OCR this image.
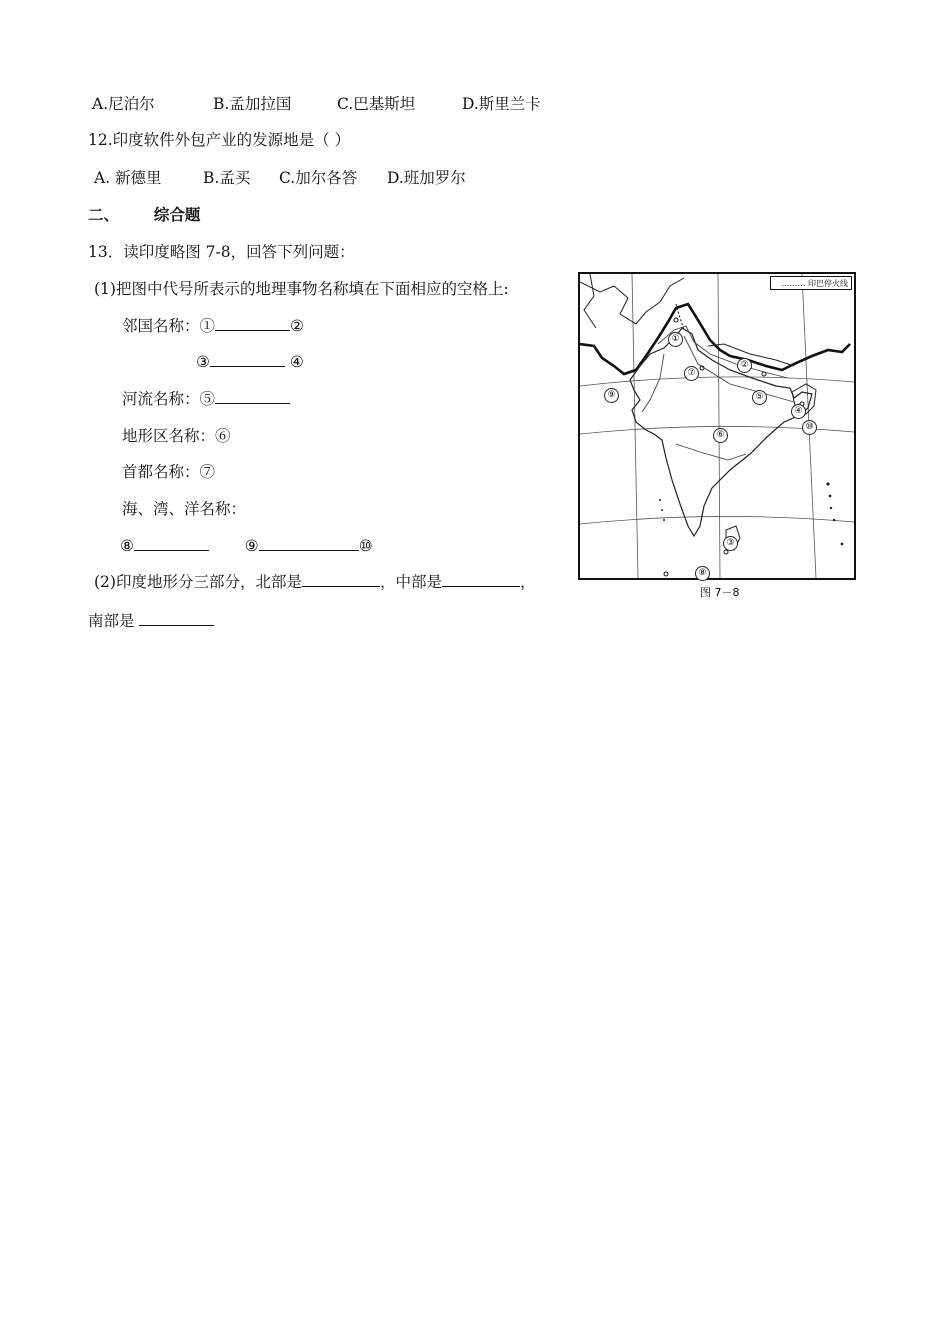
A.尼泊尔	B.孟加拉国	C.巴基斯坦	D.斯里兰卡
12.印度软件外包产业的发源地是（ ）
A. 新德里	B.孟买 C.加尔各答 D.班加罗尔
二、 综合题
13．读印度略图 7-8，回答下列问题：
(1)把图中代号所表示的地理事物名称填在下面相应的空格上:
邻国名称：①	②
③	④
河流名称：⑤
地形区名称：⑥
首都名称：⑦
海、湾、洋名称：
⑧	⑨	⑩
(2)印度地形分三部分，北部是	，中部是	，
南部是
……… 印巴停火线
①
②
③
④
⑤
⑥
⑦
⑧
⑨
⑩
图 7－8
